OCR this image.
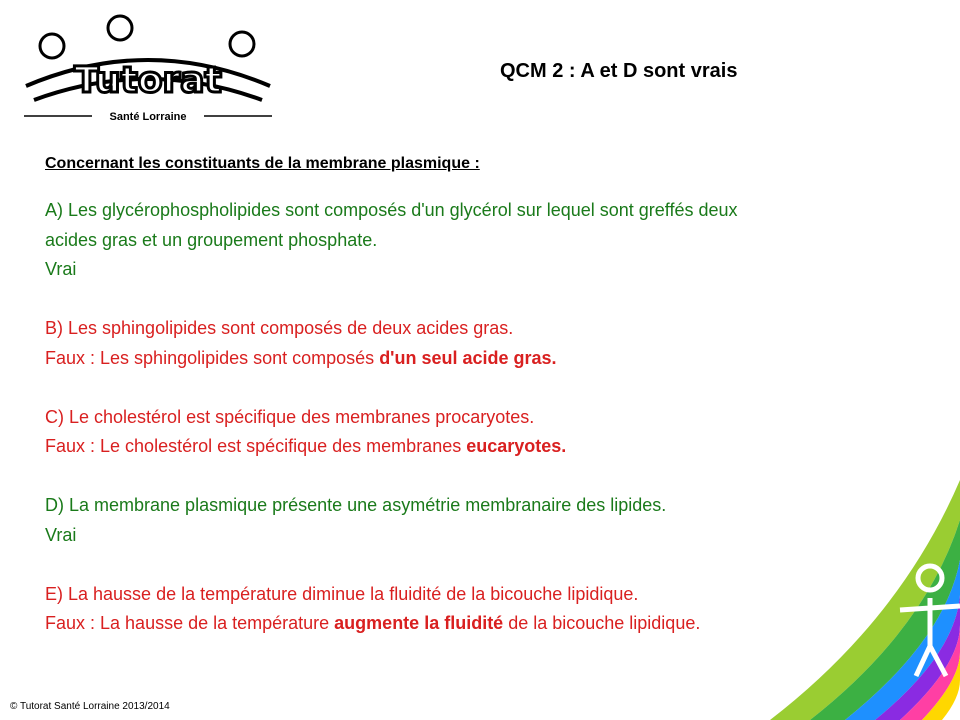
Tutorat
Santé Lorraine
QCM 2 : A et D sont vrais

Concernant les constituants de la membrane plasmique :

A) Les glycérophospholipides sont composés d'un glycérol sur lequel sont greffés deux

acides gras et un groupement phosphate.

Vrai

B) Les sphingolipides sont composés de deux acides gras.

Faux : Les sphingolipides sont composés d'un seul acide gras.

C) Le cholestérol est spécifique des membranes procaryotes.

Faux : Le cholestérol est spécifique des membranes eucaryotes.

D) La membrane plasmique présente une asymétrie membranaire des lipides.

Vrai

E) La hausse de la température diminue la fluidité de la bicouche lipidique.

Faux : La hausse de la température augmente la fluidité de la bicouche lipidique.

© Tutorat Santé Lorraine 2013/2014
